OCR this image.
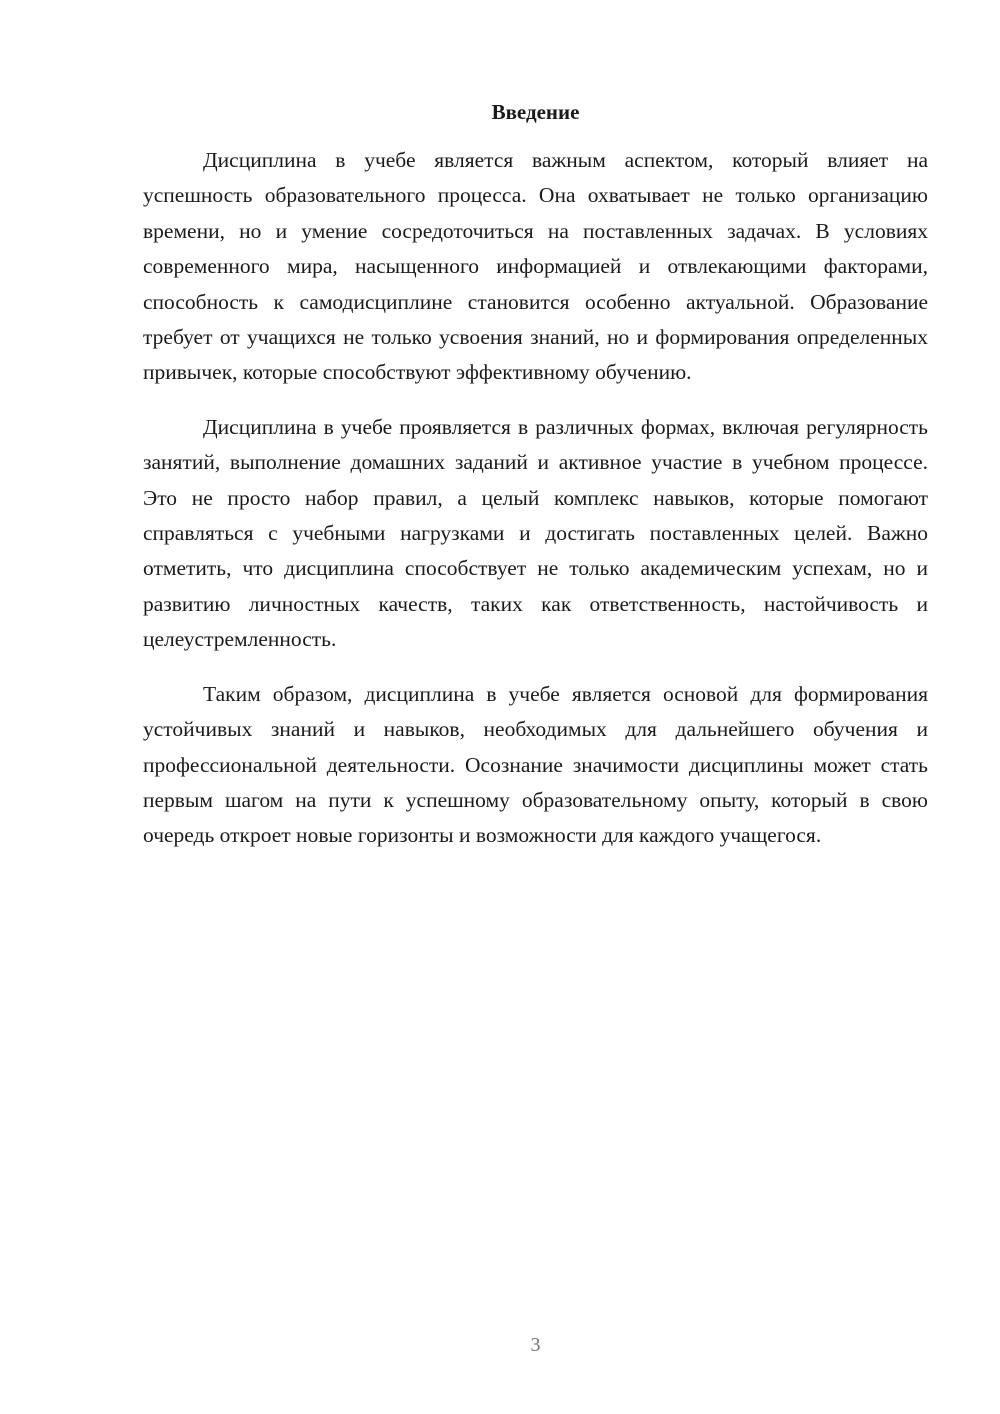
Введение

Дисциплина в учебе является важным аспектом, который влияет на успешность образовательного процесса. Она охватывает не только организацию времени, но и умение сосредоточиться на поставленных задачах. В условиях современного мира, насыщенного информацией и отвлекающими факторами, способность к самодисциплине становится особенно актуальной. Образование требует от учащихся не только усвоения знаний, но и формирования определенных привычек, которые способствуют эффективному обучению.

Дисциплина в учебе проявляется в различных формах, включая регулярность занятий, выполнение домашних заданий и активное участие в учебном процессе. Это не просто набор правил, а целый комплекс навыков, которые помогают справляться с учебными нагрузками и достигать поставленных целей. Важно отметить, что дисциплина способствует не только академическим успехам, но и развитию личностных качеств, таких как ответственность, настойчивость и целеустремленность.

Таким образом, дисциплина в учебе является основой для формирования устойчивых знаний и навыков, необходимых для дальнейшего обучения и профессиональной деятельности. Осознание значимости дисциплины может стать первым шагом на пути к успешному образовательному опыту, который в свою очередь откроет новые горизонты и возможности для каждого учащегося.

3
